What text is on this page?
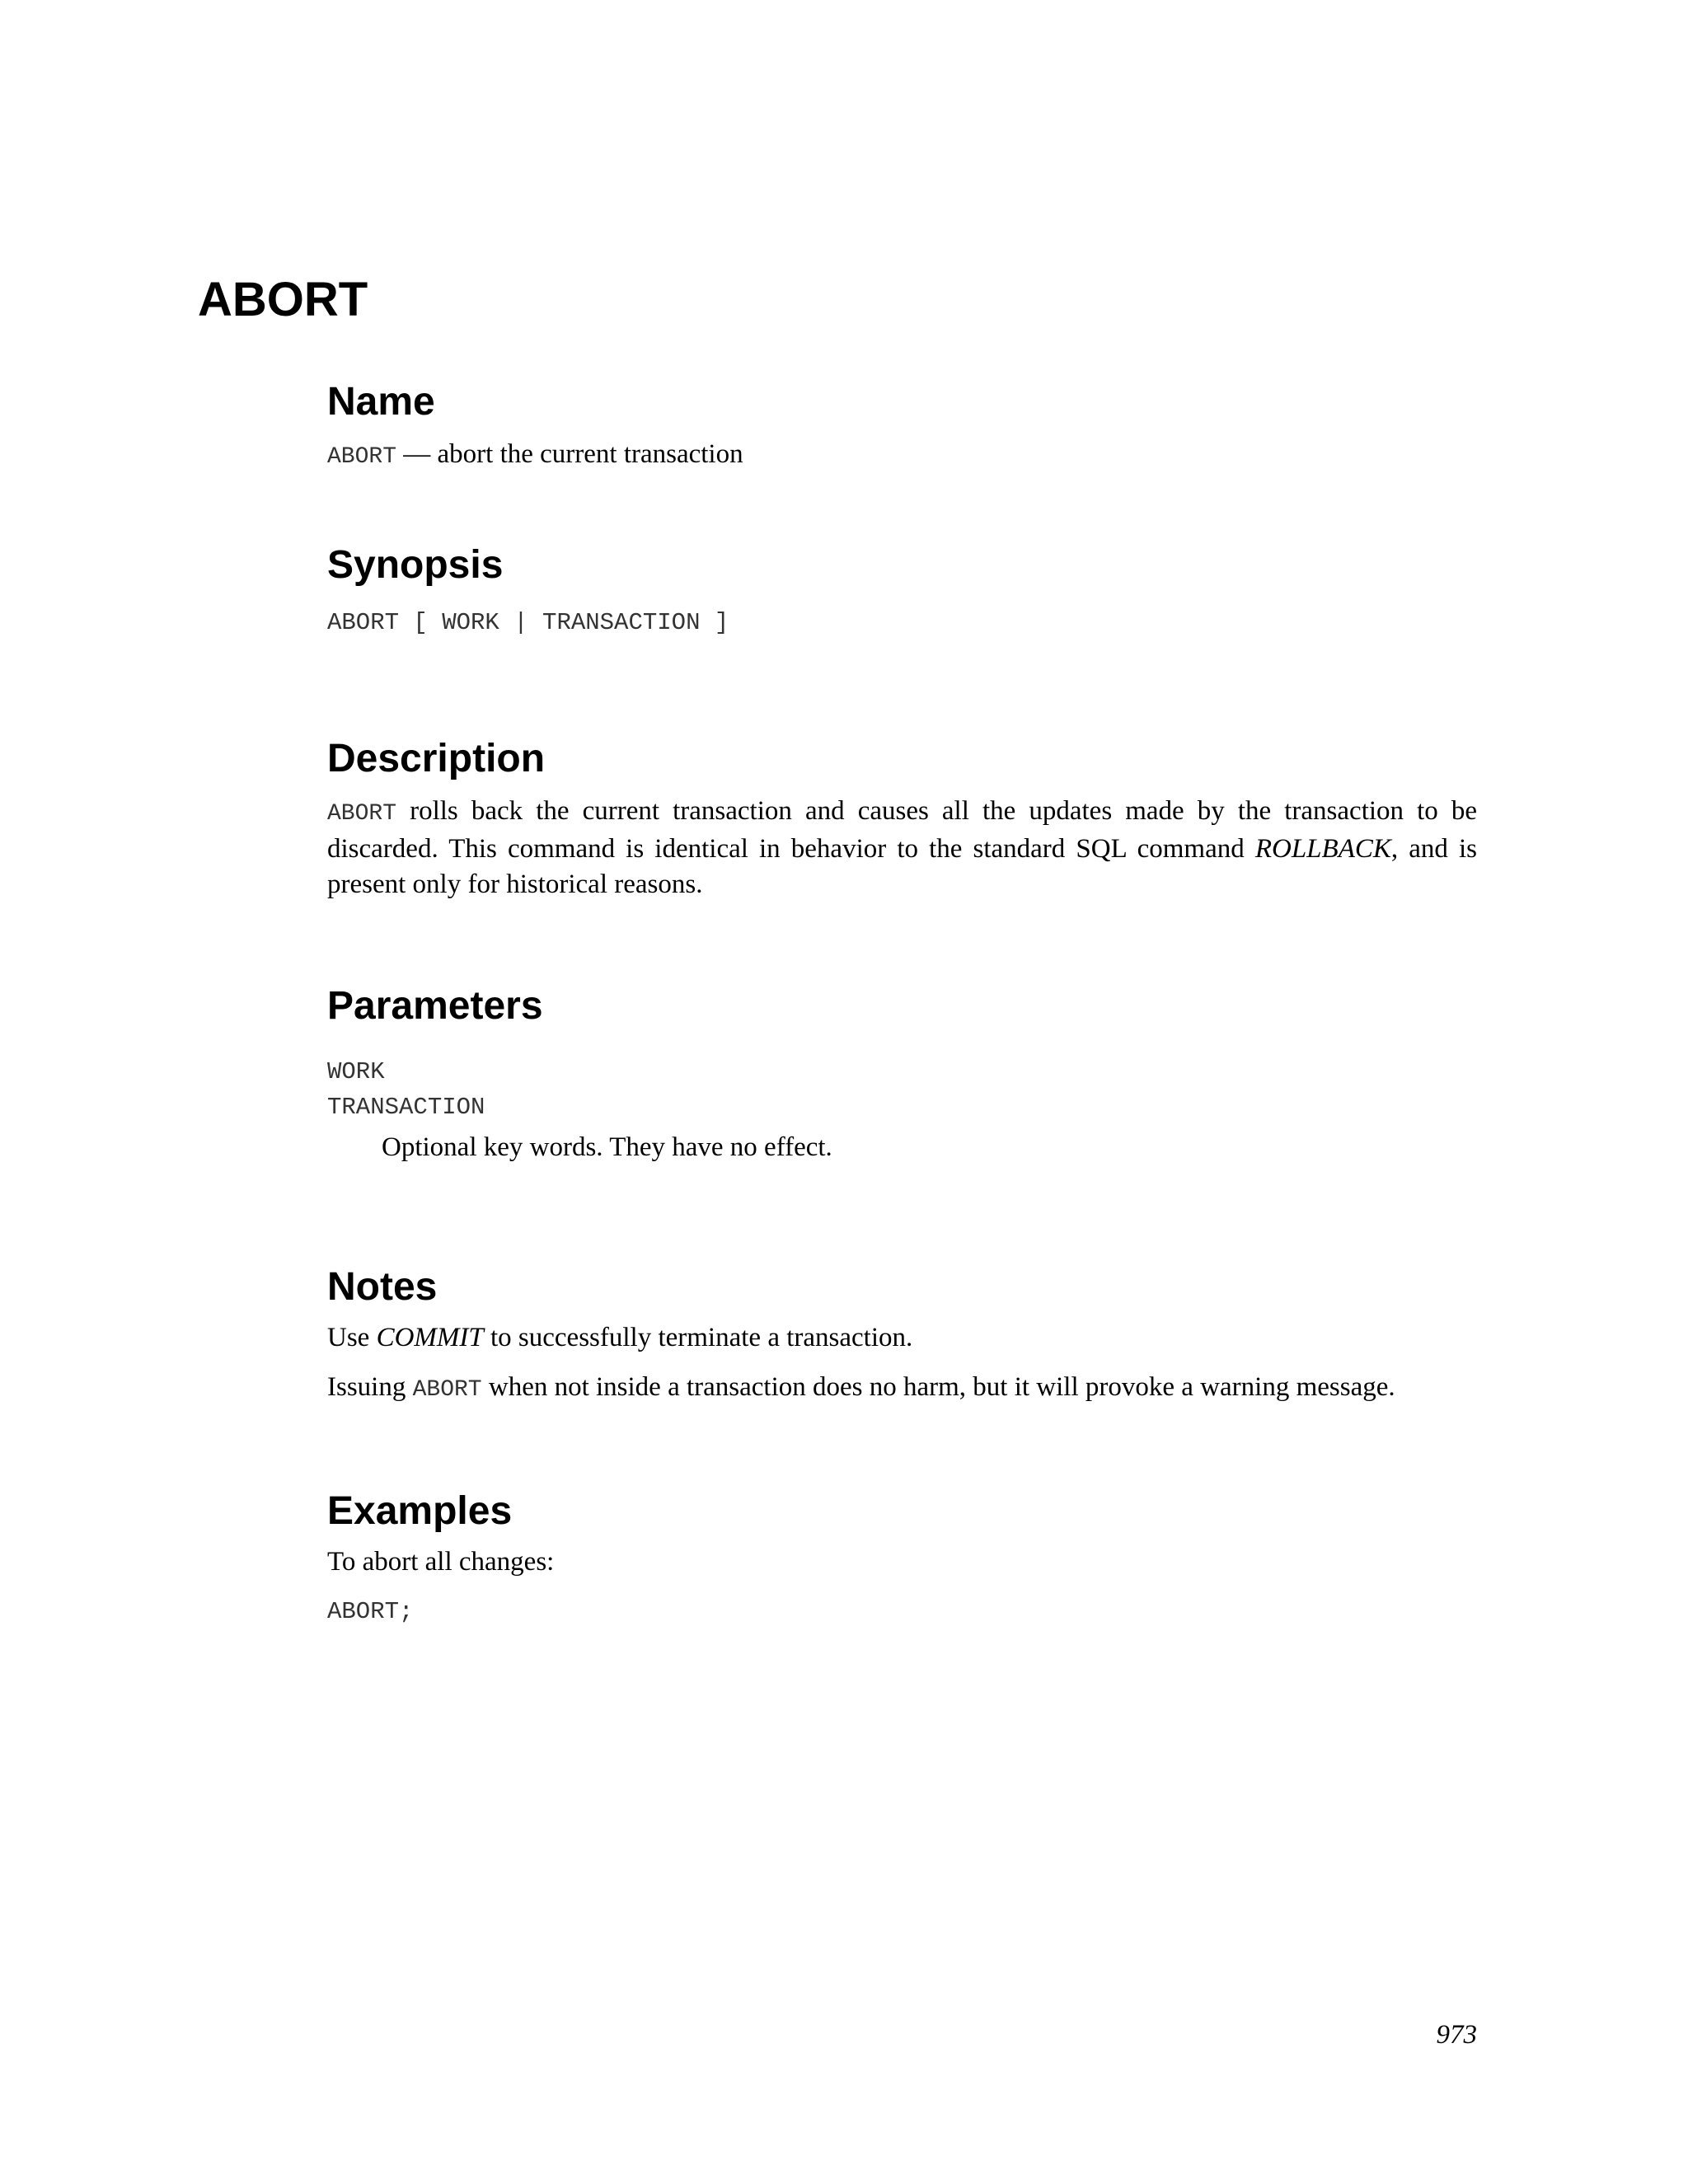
ABORT
Name

ABORT — abort the current transaction

Synopsis

ABORT [ WORK | TRANSACTION ]

Description

ABORT rolls back the current transaction and causes all the updates made by the transaction to be discarded. This command is identical in behavior to the standard SQL command ROLLBACK, and is present only for historical reasons.

Parameters

WORK

TRANSACTION

Optional key words. They have no effect.

Notes

Use COMMIT to successfully terminate a transaction.

Issuing ABORT when not inside a transaction does no harm, but it will provoke a warning message.

Examples

To abort all changes:

ABORT;

973
